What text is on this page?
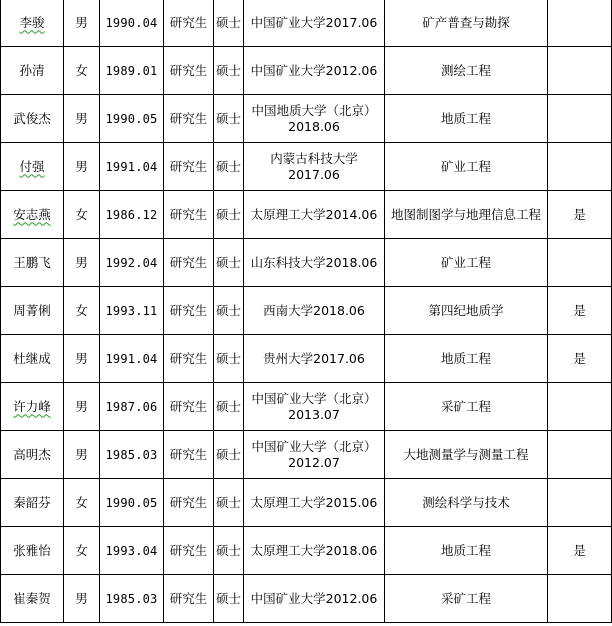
李骏	男	1990.04	研究生	硕士	中国矿业大学2017.06	矿产普查与勘探	
孙清	女	1989.01	研究生	硕士	中国矿业大学2012.06	测绘工程	
武俊杰	男	1990.05	研究生	硕士	中国地质大学（北京）2018.06	地质工程	
付强	男	1991.04	研究生	硕士	内蒙古科技大学 2017.06	矿业工程	
安志燕	女	1986.12	研究生	硕士	太原理工大学2014.06	地图制图学与地理信息工程	是
王鹏飞	男	1992.04	研究生	硕士	山东科技大学2018.06	矿业工程	
周菁俐	女	1993.11	研究生	硕士	西南大学2018.06	第四纪地质学	是
杜继成	男	1991.04	研究生	硕士	贵州大学2017.06	地质工程	是
许力峰	男	1987.06	研究生	硕士	中国矿业大学（北京）2013.07	采矿工程	
高明杰	男	1985.03	研究生	硕士	中国矿业大学（北京）2012.07	大地测量学与测量工程	
秦韶芬	女	1990.05	研究生	硕士	太原理工大学2015.06	测绘科学与技术	
张雅怡	女	1993.04	研究生	硕士	太原理工大学2018.06	地质工程	是
崔秦贺	男	1985.03	研究生	硕士	中国矿业大学2012.06	采矿工程	
